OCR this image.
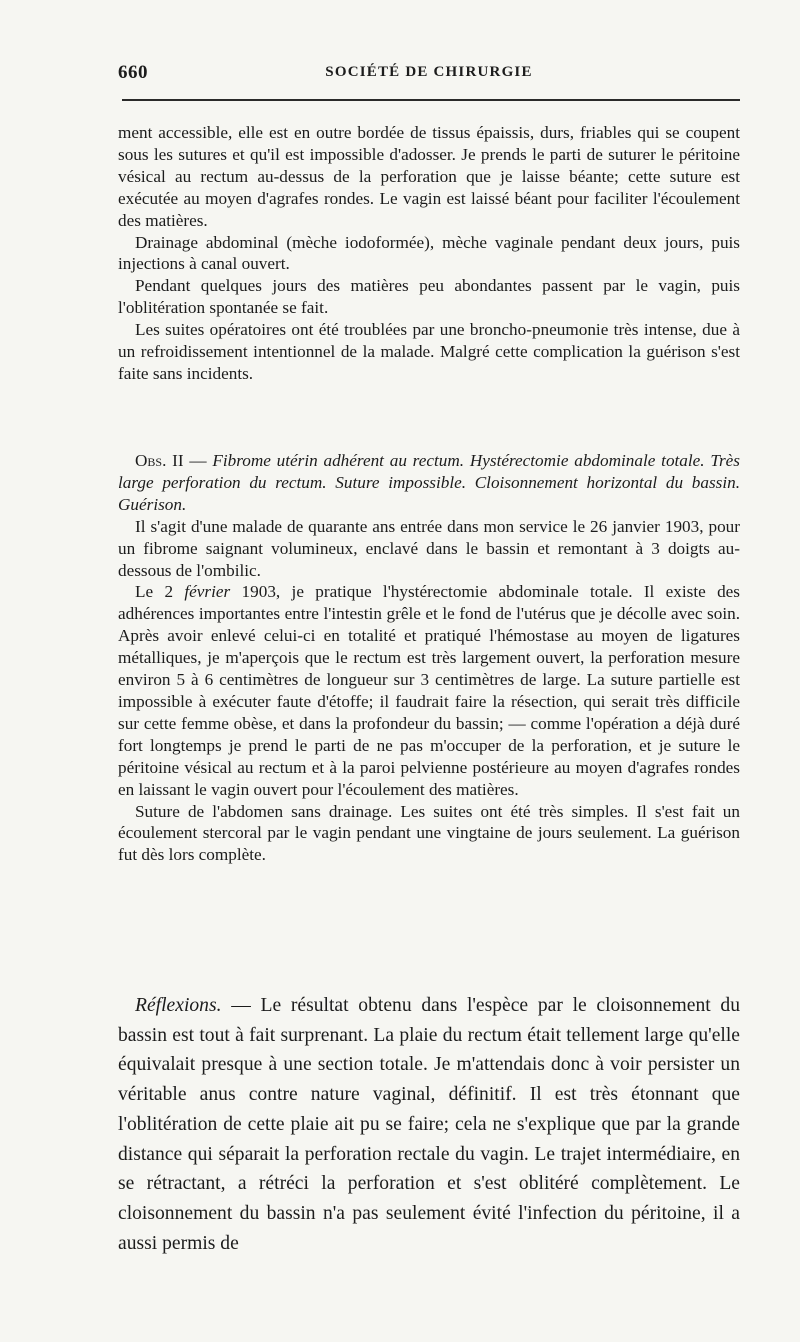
660	SOCIÉTÉ DE CHIRURGIE

ment accessible, elle est en outre bordée de tissus épaissis, durs, friables qui se coupent sous les sutures et qu'il est impossible d'adosser. Je prends le parti de suturer le péritoine vésical au rectum au-dessus de la perforation que je laisse béante; cette suture est exécutée au moyen d'agrafes rondes. Le vagin est laissé béant pour faciliter l'écoulement des matières.

Drainage abdominal (mèche iodoformée), mèche vaginale pendant deux jours, puis injections à canal ouvert.

Pendant quelques jours des matières peu abondantes passent par le vagin, puis l'oblitération spontanée se fait.

Les suites opératoires ont été troublées par une broncho-pneumonie très intense, due à un refroidissement intentionnel de la malade. Malgré cette complication la guérison s'est faite sans incidents.

Obs. II — Fibrome utérin adhérent au rectum. Hystérectomie abdominale totale. Très large perforation du rectum. Suture impossible. Cloisonnement horizontal du bassin. Guérison.

Il s'agit d'une malade de quarante ans entrée dans mon service le 26 janvier 1903, pour un fibrome saignant volumineux, enclavé dans le bassin et remontant à 3 doigts au-dessous de l'ombilic.

Le 2 février 1903, je pratique l'hystérectomie abdominale totale. Il existe des adhérences importantes entre l'intestin grêle et le fond de l'utérus que je décolle avec soin. Après avoir enlevé celui-ci en totalité et pratiqué l'hémostase au moyen de ligatures métalliques, je m'aperçois que le rectum est très largement ouvert, la perforation mesure environ 5 à 6 centimètres de longueur sur 3 centimètres de large. La suture partielle est impossible à exécuter faute d'étoffe; il faudrait faire la résection, qui serait très difficile sur cette femme obèse, et dans la profondeur du bassin; — comme l'opération a déjà duré fort longtemps je prend le parti de ne pas m'occuper de la perforation, et je suture le péritoine vésical au rectum et à la paroi pelvienne postérieure au moyen d'agrafes rondes en laissant le vagin ouvert pour l'écoulement des matières.

Suture de l'abdomen sans drainage. Les suites ont été très simples. Il s'est fait un écoulement stercoral par le vagin pendant une vingtaine de jours seulement. La guérison fut dès lors complète.

Réflexions. — Le résultat obtenu dans l'espèce par le cloisonnement du bassin est tout à fait surprenant. La plaie du rectum était tellement large qu'elle équivalait presque à une section totale. Je m'attendais donc à voir persister un véritable anus contre nature vaginal, définitif. Il est très étonnant que l'oblitération de cette plaie ait pu se faire; cela ne s'explique que par la grande distance qui séparait la perforation rectale du vagin. Le trajet intermédiaire, en se rétractant, a rétréci la perforation et s'est oblitéré complètement. Le cloisonnement du bassin n'a pas seulement évité l'infection du péritoine, il a aussi permis de
